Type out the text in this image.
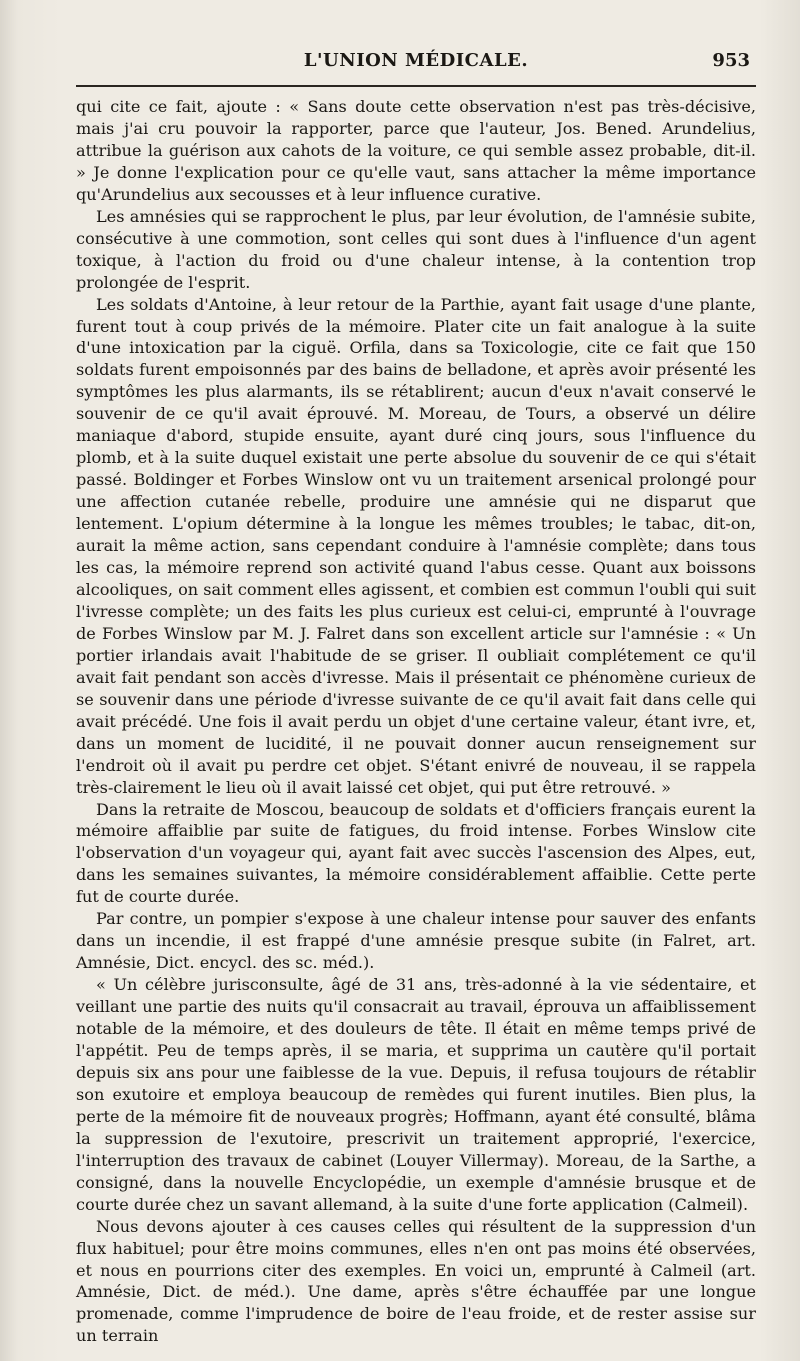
L'UNION MÉDICALE.	953

qui cite ce fait, ajoute : « Sans doute cette observation n'est pas très-décisive, mais j'ai cru pouvoir la rapporter, parce que l'auteur, Jos. Bened. Arundelius, attribue la guérison aux cahots de la voiture, ce qui semble assez probable, dit-il. » Je donne l'explication pour ce qu'elle vaut, sans attacher la même importance qu'Arundelius aux secousses et à leur influence curative.

Les amnésies qui se rapprochent le plus, par leur évolution, de l'amnésie subite, consécutive à une commotion, sont celles qui sont dues à l'influence d'un agent toxique, à l'action du froid ou d'une chaleur intense, à la contention trop prolongée de l'esprit.

Les soldats d'Antoine, à leur retour de la Parthie, ayant fait usage d'une plante, furent tout à coup privés de la mémoire. Plater cite un fait analogue à la suite d'une intoxication par la ciguë. Orfila, dans sa Toxicologie, cite ce fait que 150 soldats furent empoisonnés par des bains de belladone, et après avoir présenté les symptômes les plus alarmants, ils se rétablirent; aucun d'eux n'avait conservé le souvenir de ce qu'il avait éprouvé. M. Moreau, de Tours, a observé un délire maniaque d'abord, stupide ensuite, ayant duré cinq jours, sous l'influence du plomb, et à la suite duquel existait une perte absolue du souvenir de ce qui s'était passé. Boldinger et Forbes Winslow ont vu un traitement arsenical prolongé pour une affection cutanée rebelle, produire une amnésie qui ne disparut que lentement. L'opium détermine à la longue les mêmes troubles; le tabac, dit-on, aurait la même action, sans cependant conduire à l'amnésie complète; dans tous les cas, la mémoire reprend son activité quand l'abus cesse. Quant aux boissons alcooliques, on sait comment elles agissent, et combien est commun l'oubli qui suit l'ivresse complète; un des faits les plus curieux est celui-ci, emprunté à l'ouvrage de Forbes Winslow par M. J. Falret dans son excellent article sur l'amnésie : « Un portier irlandais avait l'habitude de se griser. Il oubliait complétement ce qu'il avait fait pendant son accès d'ivresse. Mais il présentait ce phénomène curieux de se souvenir dans une période d'ivresse suivante de ce qu'il avait fait dans celle qui avait précédé. Une fois il avait perdu un objet d'une certaine valeur, étant ivre, et, dans un moment de lucidité, il ne pouvait donner aucun renseignement sur l'endroit où il avait pu perdre cet objet. S'étant enivré de nouveau, il se rappela très-clairement le lieu où il avait laissé cet objet, qui put être retrouvé. »

Dans la retraite de Moscou, beaucoup de soldats et d'officiers français eurent la mémoire affaiblie par suite de fatigues, du froid intense. Forbes Winslow cite l'observation d'un voyageur qui, ayant fait avec succès l'ascension des Alpes, eut, dans les semaines suivantes, la mémoire considérablement affaiblie. Cette perte fut de courte durée.

Par contre, un pompier s'expose à une chaleur intense pour sauver des enfants dans un incendie, il est frappé d'une amnésie presque subite (in Falret, art. Amnésie, Dict. encycl. des sc. méd.).

« Un célèbre jurisconsulte, âgé de 31 ans, très-adonné à la vie sédentaire, et veillant une partie des nuits qu'il consacrait au travail, éprouva un affaiblissement notable de la mémoire, et des douleurs de tête. Il était en même temps privé de l'appétit. Peu de temps après, il se maria, et supprima un cautère qu'il portait depuis six ans pour une faiblesse de la vue. Depuis, il refusa toujours de rétablir son exutoire et employa beaucoup de remèdes qui furent inutiles. Bien plus, la perte de la mémoire fit de nouveaux progrès; Hoffmann, ayant été consulté, blâma la suppression de l'exutoire, prescrivit un traitement approprié, l'exercice, l'interruption des travaux de cabinet (Louyer Villermay). Moreau, de la Sarthe, a consigné, dans la nouvelle Encyclopédie, un exemple d'amnésie brusque et de courte durée chez un savant allemand, à la suite d'une forte application (Calmeil).

Nous devons ajouter à ces causes celles qui résultent de la suppression d'un flux habituel; pour être moins communes, elles n'en ont pas moins été observées, et nous en pourrions citer des exemples. En voici un, emprunté à Calmeil (art. Amnésie, Dict. de méd.). Une dame, après s'être échauffée par une longue promenade, comme l'imprudence de boire de l'eau froide, et de rester assise sur un terrain
